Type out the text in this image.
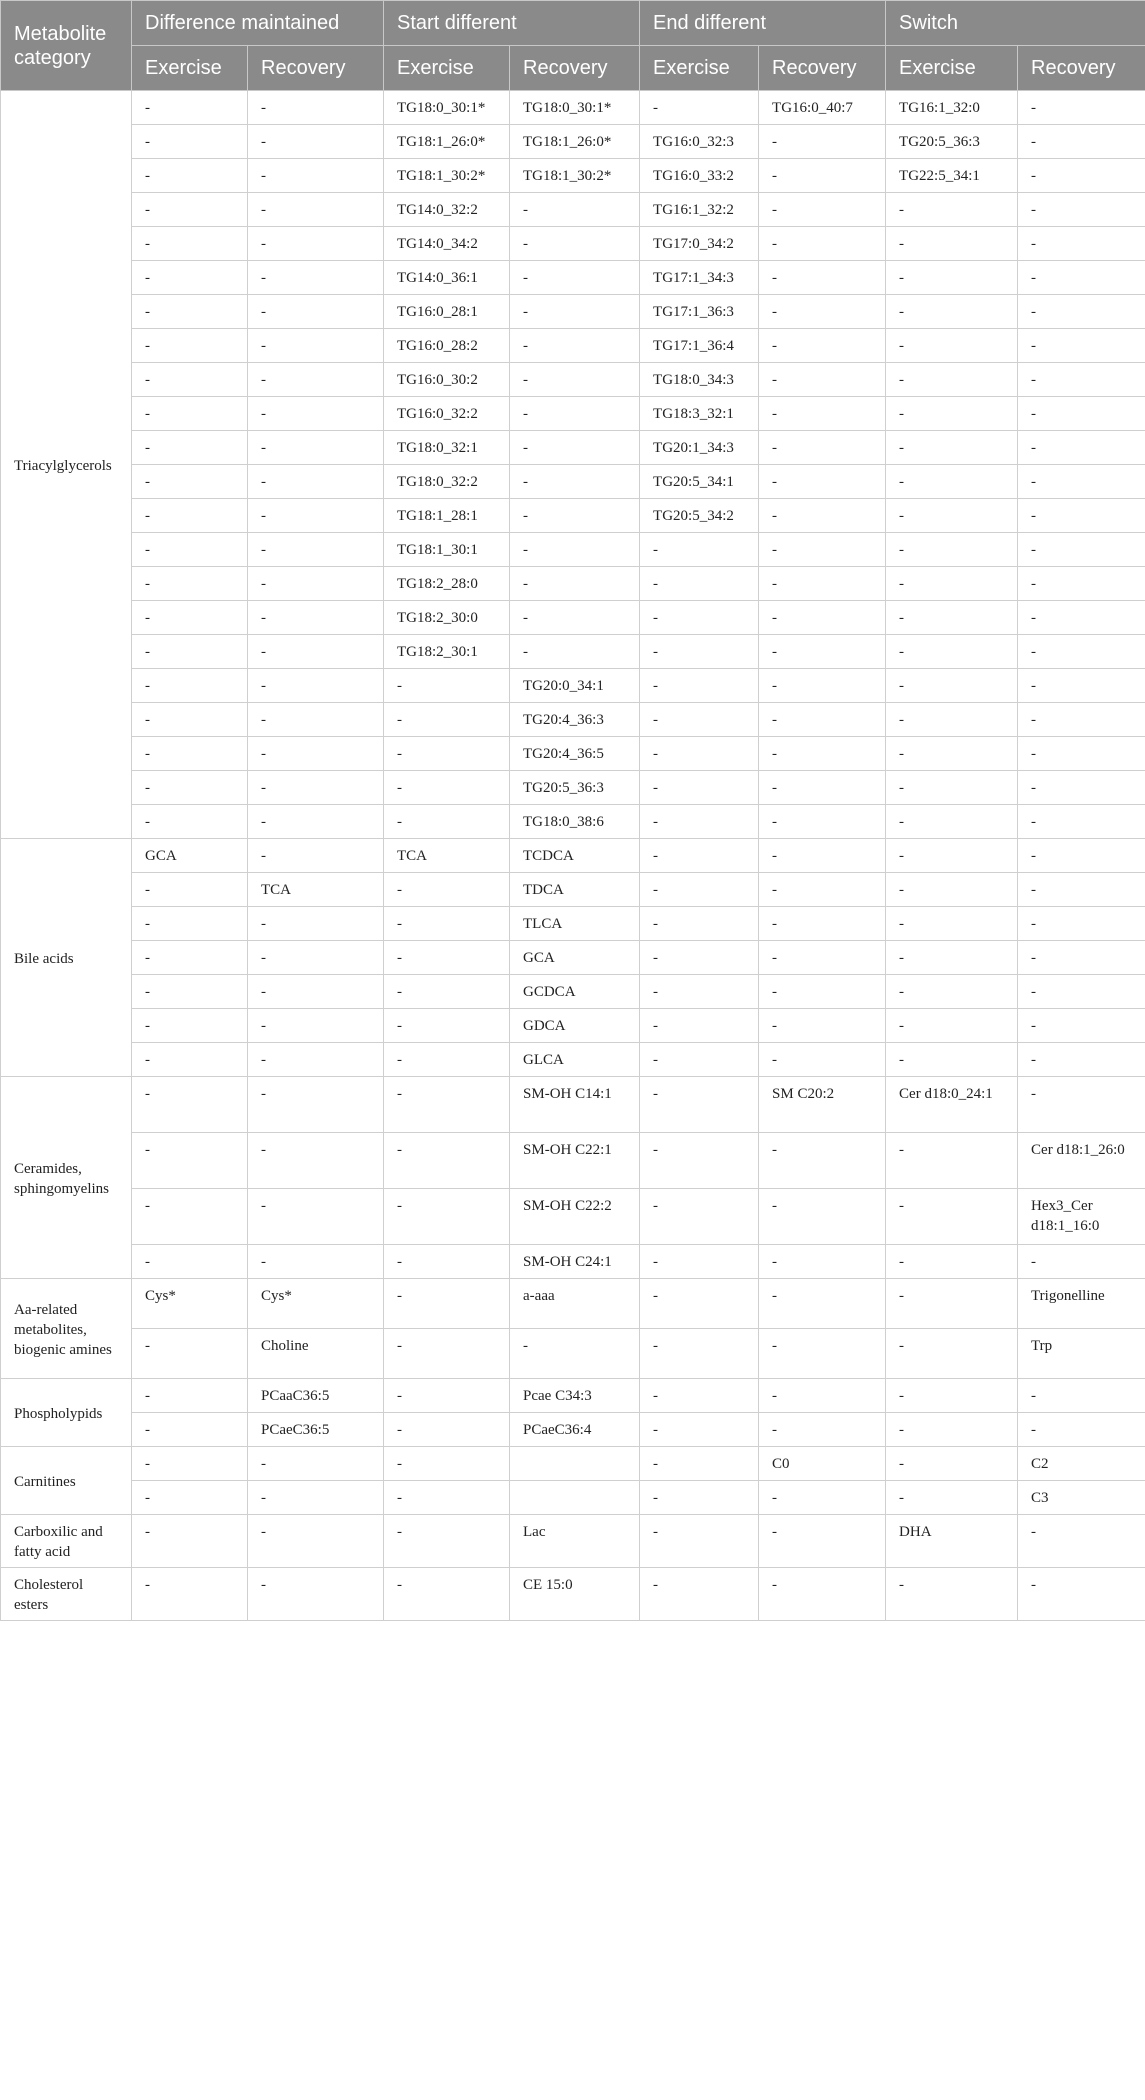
Metabolite category	Difference maintained		Start different		End different		Switch	
	Exercise	Recovery	Exercise	Recovery	Exercise	Recovery	Exercise	Recovery
Triacylglycerols	-	-	TG18:0_30:1*	TG18:0_30:1*	-	TG16:0_40:7	TG16:1_32:0	-
	-	-	TG18:1_26:0*	TG18:1_26:0*	TG16:0_32:3	-	TG20:5_36:3	-
	-	-	TG18:1_30:2*	TG18:1_30:2*	TG16:0_33:2	-	TG22:5_34:1	-
	-	-	TG14:0_32:2	-	TG16:1_32:2	-	-	-
	-	-	TG14:0_34:2	-	TG17:0_34:2	-	-	-
	-	-	TG14:0_36:1	-	TG17:1_34:3	-	-	-
	-	-	TG16:0_28:1	-	TG17:1_36:3	-	-	-
	-	-	TG16:0_28:2	-	TG17:1_36:4	-	-	-
	-	-	TG16:0_30:2	-	TG18:0_34:3	-	-	-
	-	-	TG16:0_32:2	-	TG18:3_32:1	-	-	-
	-	-	TG18:0_32:1	-	TG20:1_34:3	-	-	-
	-	-	TG18:0_32:2	-	TG20:5_34:1	-	-	-
	-	-	TG18:1_28:1	-	TG20:5_34:2	-	-	-
	-	-	TG18:1_30:1	-	-	-	-	-
	-	-	TG18:2_28:0	-	-	-	-	-
	-	-	TG18:2_30:0	-	-	-	-	-
	-	-	TG18:2_30:1	-	-	-	-	-
	-	-	-	TG20:0_34:1	-	-	-	-
	-	-	-	TG20:4_36:3	-	-	-	-
	-	-	-	TG20:4_36:5	-	-	-	-
	-	-	-	TG20:5_36:3	-	-	-	-
	-	-	-	TG18:0_38:6	-	-	-	-
Bile acids	GCA	-	TCA	TCDCA	-	-	-	-
	-	TCA	-	TDCA	-	-	-	-
	-	-	-	TLCA	-	-	-	-
	-	-	-	GCA	-	-	-	-
	-	-	-	GCDCA	-	-	-	-
	-	-	-	GDCA	-	-	-	-
	-	-	-	GLCA	-	-	-	-
Ceramides, sphingomyelins	-	-	-	SM-OH C14:1	-	SM C20:2	Cer d18:0_24:1	-
	-	-	-	SM-OH C22:1	-	-	-	Cer d18:1_26:0
	-	-	-	SM-OH C22:2	-	-	-	Hex3_Cer d18:1_16:0
	-	-	-	SM-OH C24:1	-	-	-	-
Aa-related metabolites, biogenic amines	Cys*	Cys*	-	a-aaa	-	-	-	Trigonelline
	-	Choline	-	-	-	-	-	Trp
Phospholypids	-	PCaaC36:5	-	Pcae C34:3	-	-	-	-
	-	PCaeC36:5	-	PCaeC36:4	-	-	-	-
Carnitines	-	-	-		-	C0	-	C2
	-	-	-		-	-	-	C3
Carboxilic and fatty acid	-	-	-	Lac	-	-	DHA	-
Cholesterol esters	-	-	-	CE 15:0	-	-	-	-
